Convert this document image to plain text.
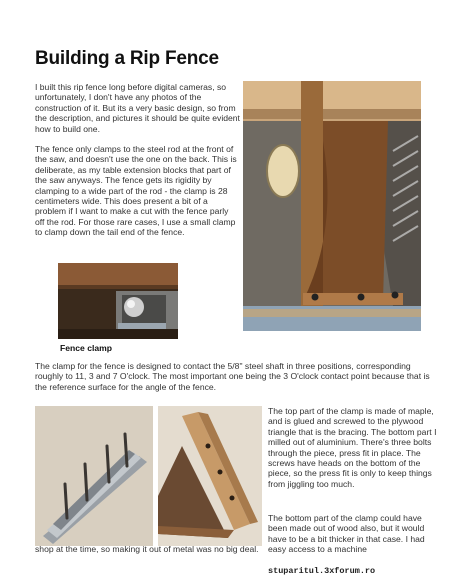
Building a Rip Fence
I built this rip fence long before digital cameras, so unfortunately, I don't have any photos of the construction of it. But its a very basic design, so from the description, and pictures it should be quite evident how to build one.
The fence only clamps to the steel rod at the front of the saw, and doesn't use the one on the back. This is deliberate, as my table extension blocks that part of the saw anyways. The fence gets its rigidity by clamping to a wide part of the rod - the clamp is 28 centimeters wide. This does present a bit of a problem if I want to make a cut with the fence parly off the rod. For those rare cases, I use a small clamp to clamp down the tail end of the fence.
Fence clamp
The clamp for the fence is designed to contact the 5/8" steel shaft in three positions, corresponding roughly to 11, 3 and 7 O'clock. The most important one being the 3 O'clock contact point because that is the reference surface for the angle of the fence.
The top part of the clamp is made of maple, and is glued and screwed to the plywood triangle that is the bracing. The bottom part I milled out of aluminium. There's three bolts through the piece, press fit in place. The screws have heads on the bottom of the piece, so the press fit is only to keep things from jiggling too much.
The bottom part of the clamp could have been made out of wood also, but it would have to be a bit thicker in that case. I had easy access to a machine
shop at the time, so making it out of metal was no big deal.
stuparitul.3xforum.ro
